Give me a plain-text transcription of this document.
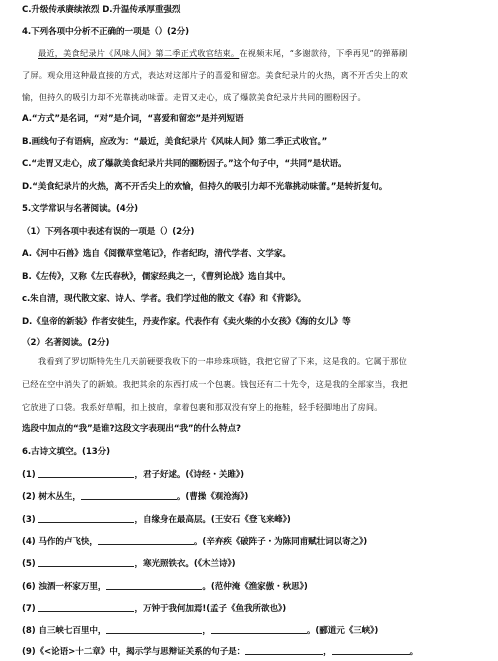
C.升级传承赓续浓烈 D.升温传承厚重强烈
4.下列各项中分析不正确的一项是（）(2分)
最近，美食纪录片《风味人间》第二季正式收官结束。在视频末尾，“多谢款待，下季再见”的弹幕刷
了屏。观众用这种最直接的方式，表达对这部片子的喜爱和留恋。美食纪录片的火热，离不开舌尖上的欢
愉，但持久的吸引力却不光靠挑动味蕾。走胃又走心，成了爆款美食纪录片共同的圈粉因子。
A.“方式”是名词，“对”是介词，“喜爱和留恋”是并列短语
B.画线句子有语病，应改为：“最近，美食纪录片《风味人间》第二季正式收官。”
C.“走胃又走心，成了爆款美食纪录片共同的圈粉因子。”这个句子中，“共同”是状语。
D.“美食纪录片的火热，离不开舌尖上的欢愉，但持久的吸引力却不光靠挑动味蕾。”是转折复句。
5.文学常识与名著阅读。(4分)
（1）下列各项中表述有误的一项是（）(2分)
A.《河中石兽》选自《阅微草堂笔记》，作者纪昀，清代学者、文学家。
B.《左传》，又称《左氏春秋》，儒家经典之一，《曹刿论战》选自其中。
c.朱自清，现代散文家、诗人、学者。我们学过他的散文《春》和《背影》。
D.《皇帝的新装》作者安徒生，丹麦作家。代表作有《卖火柴的小女孩》《海的女儿》等
（2）名著阅读。(2分)
我看到了罗切斯特先生几天前硬要我收下的一串珍珠项链，我把它留了下来，这是我的。它属于那位
已经在空中消失了的新娘。我把其余的东西打成一个包裹。钱包还有二十先令，这是我的全部家当，我把
它放进了口袋。我系好草帽，扣上披肩，拿着包裹和那双没有穿上的拖鞋，轻手轻脚地出了房间。
选段中加点的“我”是谁?这段文字表现出“我”的什么特点?
6.古诗文填空。(13分)
(1)	，君子好逑。(《诗经・关雎》)
(2) 树木丛生，	。(曹操《观沧海》)
(3)	，自缘身在最高层。(王安石《登飞来峰》)
(4) 马作的卢飞快，	。(辛弃疾《破阵子・为陈同甫赋壮词以寄之》)
(5)	，寒光照铁衣。(《木兰诗》)
(6) 浊酒一杯家万里，	。(范仲淹《渔家傲・秋思》)
(7)	，万钟于我何加焉!(孟子《鱼我所欲也》)
(8) 自三峡七百里中，	，	。(郦道元《三峡》)
(9)《<论语>十二章》中，揭示学与思辩证关系的句子是：	，	。
